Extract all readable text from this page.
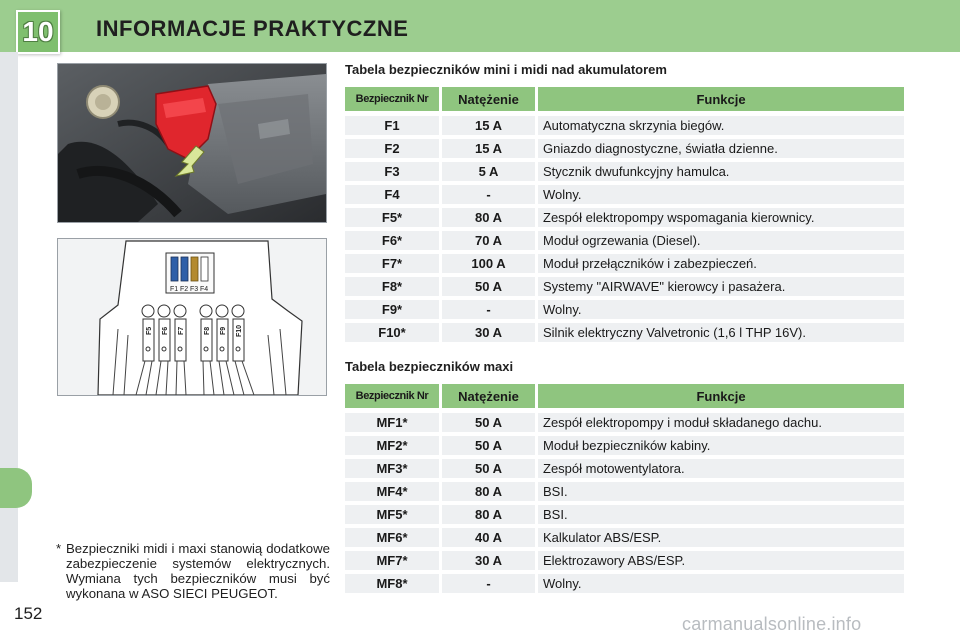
10 INFORMACJE PRAKTYCZNE
152
F1 F2 F3 F4
F5 F6 F7	F8 F9 F10
* Bezpieczniki midi i maxi stanowią dodatkowe zabezpieczenie systemów elektrycznych. Wymiana tych bezpieczników musi być wykonana w ASO SIECI PEUGEOT.
Tabela bezpieczników mini i midi nad akumulatorem
Bezpiecznik Nr	Natężenie	Funkcje
F1	15 A	Automatyczna skrzynia biegów.
F2	15 A	Gniazdo diagnostyczne, światła dzienne.
F3	5 A	Stycznik dwufunkcyjny hamulca.
F4	-	Wolny.
F5*	80 A	Zespół elektropompy wspomagania kierownicy.
F6*	70 A	Moduł ogrzewania (Diesel).
F7*	100 A	Moduł przełączników i zabezpieczeń.
F8*	50 A	Systemy "AIRWAVE" kierowcy i pasażera.
F9*	-	Wolny.
F10*	30 A	Silnik elektryczny Valvetronic (1,6 l THP 16V).
Tabela bezpieczników maxi
Bezpiecznik Nr	Natężenie	Funkcje
MF1*	50 A	Zespół elektropompy i moduł składanego dachu.
MF2*	50 A	Moduł bezpieczników kabiny.
MF3*	50 A	Zespół motowentylatora.
MF4*	80 A	BSI.
MF5*	80 A	BSI.
MF6*	40 A	Kalkulator ABS/ESP.
MF7*	30 A	Elektrozawory ABS/ESP.
MF8*	-	Wolny.
carmanualsonline.info
